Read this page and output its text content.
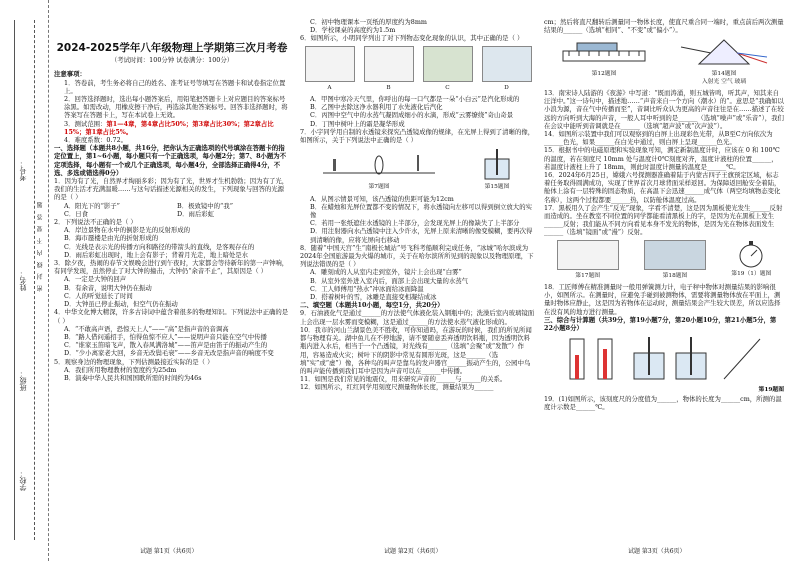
学校：
班级：
姓名：
考号：
密 封 线 内 不 要 答 题
2024-2025学年八年级物理上学期第三次月考卷
（考试时间：100分钟 试卷满分：100分）
注意事项：
1．答卷前，考生务必将自己的姓名、准考证号等填写在答题卡和试卷指定位置上。
2．回答选择题时，选出每小题答案后，用铅笔把答题卡上对应题目的答案标号涂黑。如需改动，用橡皮擦干净后，再选涂其他答案标号。回答非选择题时，将答案写在答题卡上，写在本试卷上无效。
3．测试范围：第1—4章，第4章占比50%；第3章占比30%；第2章占比15%；第1章占比5%。
4．难度系数：0.72。
一、选择题（本题共8小题，共16分，把你认为正确选项的代号填涂在答题卡的指定位置上，第1~6小题，每小题只有一个正确选项，每小题2分；第7、8小题为不定项选择，每小题有一个或几个正确选项，每小题4分，全部选择正确得4分，不选、多选或错选得0分）
1．因为有了光，自然界才绚丽多彩；因为有了光，世界才生机勃勃；因为有了光，我们的生活才充满温暖……与这句话描述光源相关的发生，下列现象与回答的光源的是（ ）
A．阳光下的“影子”	B．极致镜中的“我”
C．日食	D．雨后彩虹
2．下列说法不正确的是（ ）
A．岸边景物在水中的倒影是光的反射形成的
B．海市蜃楼是由光的折射形成的
C．光线是表示光的传播方向和路径的带箭头的直线，是客观存在的
D．雨后彩虹出现时，地上会有影子；背着月光走，地上暗处是水
3．除夕夜，热闹的春节文娱晚会进行到午夜时，大家都会等待新年的第一声钟响，有同学发现，虽然停止了对大钟的撞击，大钟仍“余音不止”，其原因是（ ）
A．一定是大钟的回声
B．有余音，说明大钟仍在振动
C．人的听觉延长了时间
D．大钟虽已停止振动，但空气仍在振动
4．中华文化博大精深，许多古诗词中蕴含着很多的物理知识。下列说法中正确的是（ ）
A．“不敢高声语，恐惊天上人”——“高”是指声音的音调高
B．“路人借问遥招手，怕得鱼惊不应人”——说明声音只能在空气中传播
C．“谁家玉笛暗飞声，散入春风满洛城”——笛声是由笛子的振动产生的
D．“少小离家老大回，乡音无改鬓毛衰”——乡音无改是指声音的响度不变
5．观察身边的物理现象，下列估测最接近实际的是（ ）
A．我们所用物理教材的宽度约为25dm
B．演奏中华人民共和国国歌所需的时间约为46s
试题 第1页（共6页）
C．初中物理课本一页纸的厚度约为8mm
D．学校课桌的高度约为1.5m
6．如图所示，小明同学列出了对下列物态变化现象的认识，其中正确的是（ ）
A	B	C	D
A．甲图中寒冷天气里，你呼出的每一口气都是一朵“小白云”是汽化形成的
B．乙图中去除这净水器利用了水先液化后汽化
C．丙图中空气中的水蒸气凝固成细小的水滴，形成“云雾缭绕”奇山奇景
D．丁图中树叶上的霜是凝华形成
7．小宇同学用自制的水透镜来探究凸透镜成像的规律，在光屏上得到了清晰的像，如图所示，关于下列说法中正确的是（ ）
第7题图	第15题图
A．从图示情景可知，该凸透镜的焦距可能为12cm
B．在蜡烛和光屏位置都不变的情况下，将水透镜向左移可以得到倒立放大的实像
C．若用一张纸遮住水透镜的上半部分，会发现光屏上的像缺失了上半部分
D．用注射器向水凸透镜中注入少许水，光屏上原来清晰的像变模糊，要再次得到清晰的像，应将光屏向右移动
8．随着“中国天宫”生“南极长城站”号飞科考船顺利完成任务，“冰城”哈尔滨成为2024年全国旅游最为火爆的城市，关于在哈尔滨所所见到的现象以及物理原理，下列说法错误的是（ ）
A．雕刻成的人从室内走到室外，镜片上会出现“白雾”
B．从室外室外进入室内后，面部上会出现大量的水蒸气
C．工人师傅用“热水”冲冰面给冰面降温
D．搭着树叶的雪，冰雕是直接变相凝结成冰
二、填空题（本题共10小题，每空1分，共20分）
9．石油液化气是通过______的方法使气体液化装入钢瓶中的；洗澡后室内玻璃镜面上会出现一层水雾而变模糊，这是通过______的方法使水蒸气液化形成的。
10．我市的河山兰湖景色美不胜收，可你知道吗，在游玩的时候，我们的所见所闻都与物理有关。湖中鱼儿在不停地游，请不要随意丢弃透明饮料瓶，因为透明饮料瓶内进入水后，相当于一个凸透镜，对光线有______（选填“会聚”或“发散”）作用，容易造成火灾；树叶下的阴影中常见有圆形光斑，这是______（选填“实”或“虚”）像，各种鸟的叫声是靠鸟的发声器官______振动产生的，公园中鸟的叫声能传播到我们耳中是因为声音可以在______中传播。
11．如图是我们常见的地震仪，用来研究声音的______与______的关系。
12．如图所示，红红同学用刻度尺测量物体长度，测量结果为______
试题 第2页（共6页）
cm；然后将直尺翻转后测量同一物体长度，使直尺重合同一端时，重点前后两次测量结果的______（选填“相同”、“不变”或“偏小”）。
第12题图	第14题图
入射光 空气 玻璃
13．南宋诗人陆游的《夜游》中写道：“既而涛涌，则五城皆鸣，听其声，知其来自汪洋中。”这一诗句中，描述地……“声音来自一个方向（潮水）的”。意思是“我确如以小浪为源，音在气中传播而至”，音调比听众认为更高的声音往往是在……描述了在较远的方向听到大海的声音，一般人耳中听到的是______（选填“噪声”或“乐音”），我们在会议中能听到音调就是在______（选填“超声波”或“次声波”）。
14．如图所示装置中我们可以观察到的白屏上出现彩色光带，从B至C方向依次为______色光，如果______在白光中通过，则白屏上呈现______色光。
15．根据书中的电磁原理和实验现象可知，测定新制温度计时，应该在 0 和 100℃的温度，若在刻度尺 10mm 处与温度计0℃刻度对齐，温度计液柱的位置______，若温度计液柱上升了 18mm，则此时温度计测量的温度是______℃。
16．2024年6月25日，嫦娥六号探测器准确着陆于内蒙古四子王旗预定区域，标志着任务取得圆满成功，实现了世界首次月球背面采样返回。为保障返回舱安全着陆，舱体上涂有一层特殊的固态物质，在高温下会迅速______成气体（两空均填物态变化名称），这两个过程都要______热，以防舱体温度过高。
17．黑板用久了会产生“反光”现象，字看不清楚，这是因为黑板使光发生______反射而造成的。坐在教室不同位置的同学都能看清黑板上的字，是因为光在黑板上发生______反射；我们能从不同方向看见本身不发光的物体，是因为光在物体表面发生______（选填“镜面”或“漫”）反射。
第17题图	第18题图	第19（1）题图
18．工匠师傅在精准测量时一般用弹簧测力计，电子秤中物体对测量结果的影响很小，如图所示。在测量时，应避免手碰到被测物体，需要将测量物体放在平面上，测量时物体应静止，这是因为若物体在运动时，测量结果会产生较大误差，所以应选择在没有风的地方进行测量。
三、综合与计算题（共39分，第19小题7分，第20小题10分，第21小题5分，第22小题8分）
第19题图
19．(1)如图所示，该刻度尺的分度值为______，物体的长度为______cm，所测的温度计示数是______℃。
试题 第3页（共6页）
